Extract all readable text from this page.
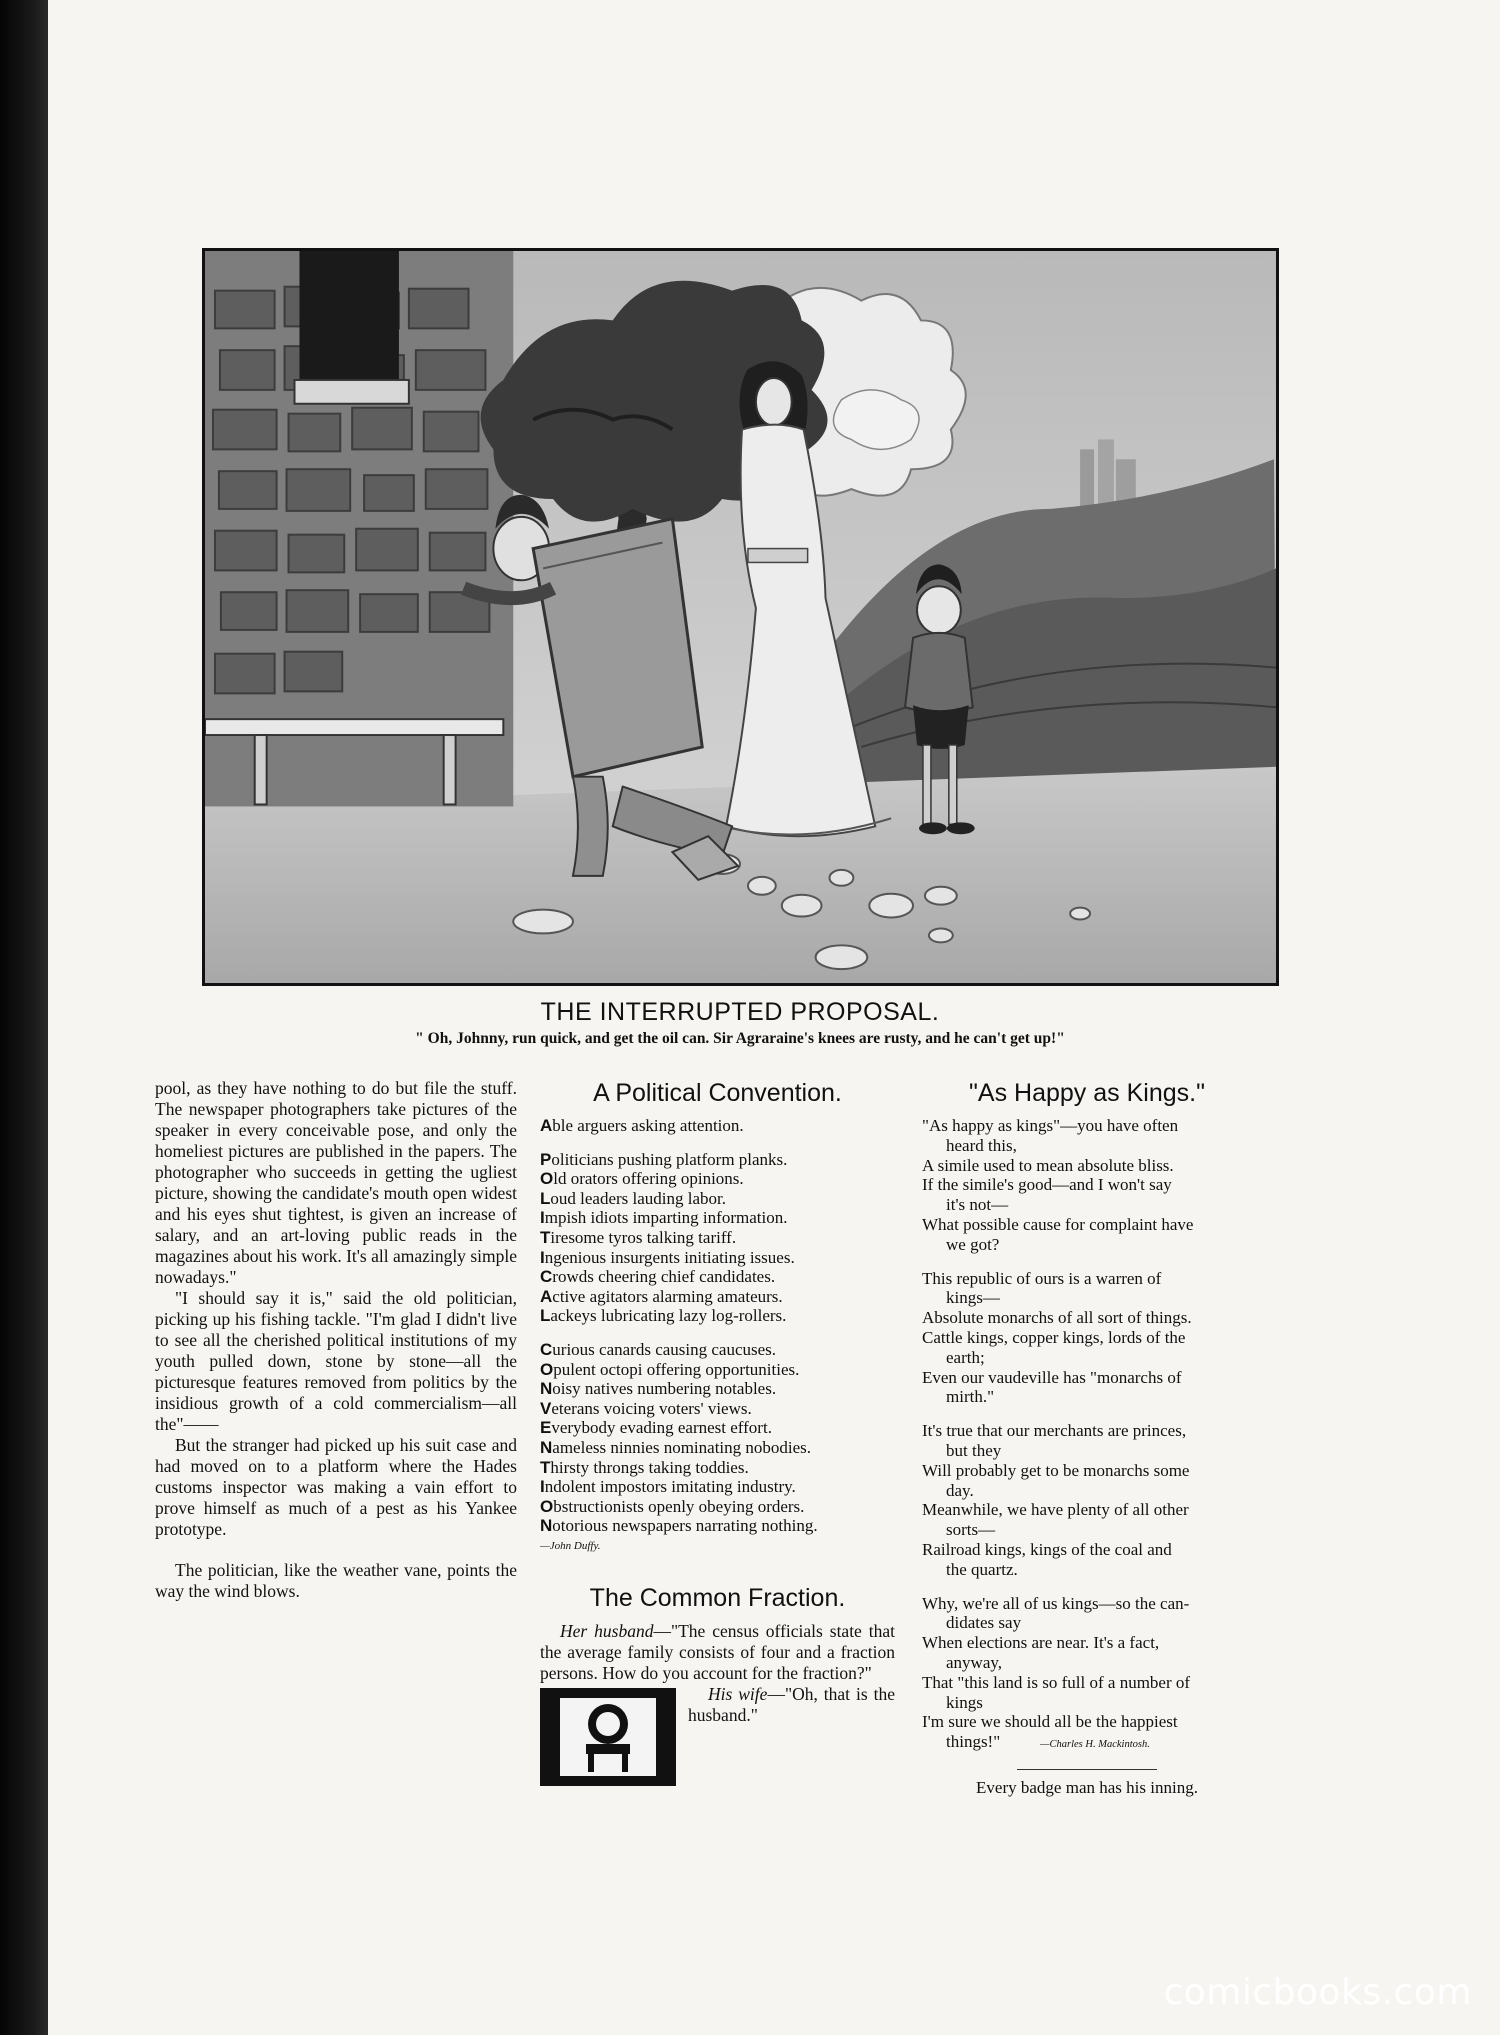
THE INTERRUPTED PROPOSAL.

" Oh, Johnny, run quick, and get the oil can. Sir Agraraine's knees are rusty, and he can't get up!"

pool, as they have nothing to do but file the stuff. The newspaper photographers take pictures of the speaker in every conceivable pose, and only the homeliest pictures are published in the papers. The photographer who succeeds in getting the ugliest picture, showing the candidate's mouth open widest and his eyes shut tightest, is given an increase of salary, and an art-loving public reads in the magazines about his work. It's all amazingly simple nowadays."

"I should say it is," said the old politician, picking up his fishing tackle. "I'm glad I didn't live to see all the cherished political institutions of my youth pulled down, stone by stone—all the picturesque features removed from politics by the insidious growth of a cold commercialism—all the"——

But the stranger had picked up his suit case and had moved on to a platform where the Hades customs inspector was making a vain effort to prove himself as much of a pest as his Yankee prototype.

The politician, like the weather vane, points the way the wind blows.

A Political Convention.

Able arguers asking attention.

Politicians pushing platform planks.

Old orators offering opinions.

Loud leaders lauding labor.

Impish idiots imparting information.

Tiresome tyros talking tariff.

Ingenious insurgents initiating issues.

Crowds cheering chief candidates.

Active agitators alarming amateurs.

Lackeys lubricating lazy log-rollers.

Curious canards causing caucuses.

Opulent octopi offering opportunities.

Noisy natives numbering notables.

Veterans voicing voters' views.

Everybody evading earnest effort.

Nameless ninnies nominating nobodies.

Thirsty throngs taking toddies.

Indolent impostors imitating industry.

Obstructionists openly obeying orders.

Notorious newspapers narrating nothing.

—John Duffy.

The Common Fraction.

Her husband—"The census officials state that the average family consists of four and a fraction persons. How do you account for the fraction?"

His wife—"Oh, that is the husband."

"As Happy as Kings."

"As happy as kings"—you have often

heard this,

A simile used to mean absolute bliss.

If the simile's good—and I won't say

it's not—

What possible cause for complaint have

we got?

This republic of ours is a warren of

kings—

Absolute monarchs of all sort of things.

Cattle kings, copper kings, lords of the

earth;

Even our vaudeville has "monarchs of

mirth."

It's true that our merchants are princes,

but they

Will probably get to be monarchs some

day.

Meanwhile, we have plenty of all other

sorts—

Railroad kings, kings of the coal and

the quartz.

Why, we're all of us kings—so the can-

didates say

When elections are near. It's a fact,

anyway,

That "this land is so full of a number of

kings

I'm sure we should all be the happiest

things!"	—Charles H. Mackintosh.

Every badge man has his inning.

comicbooks.com
